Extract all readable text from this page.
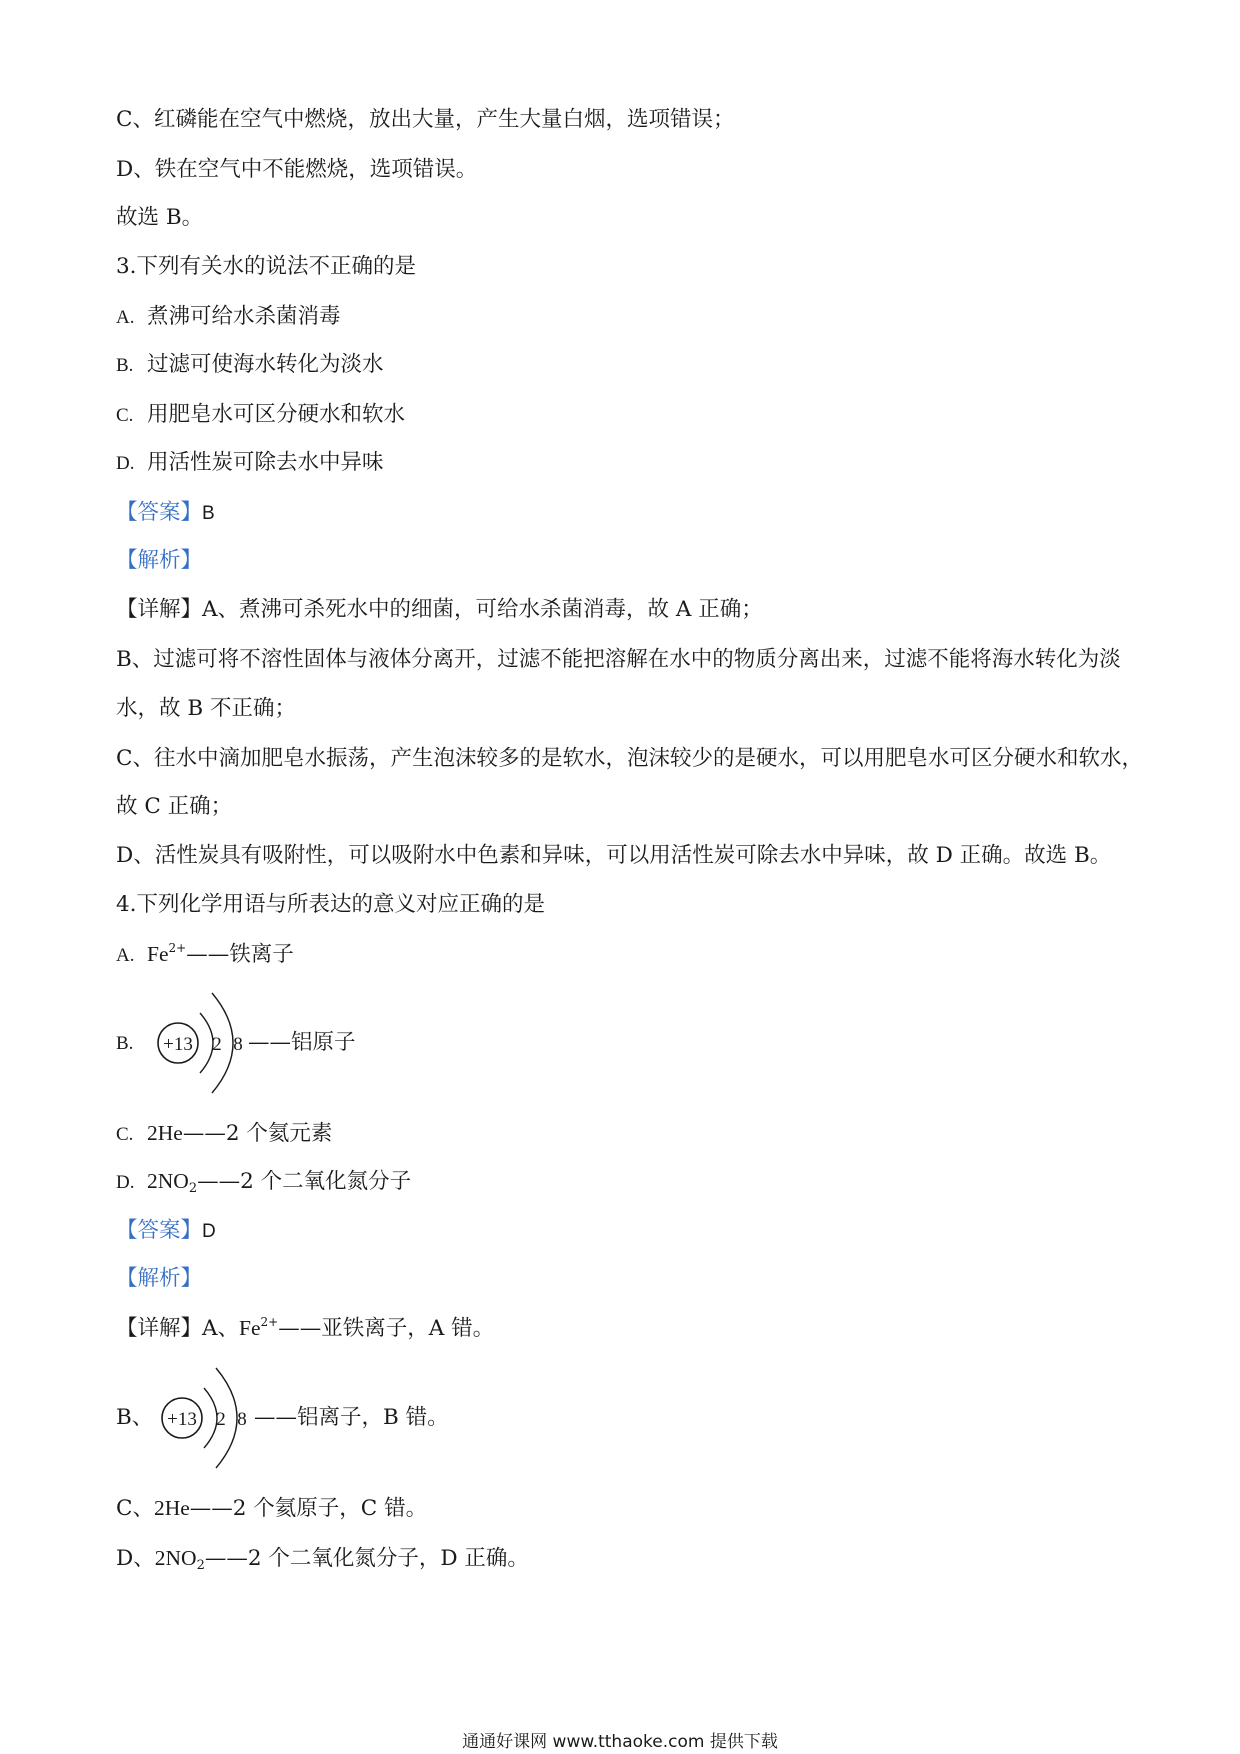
C、红磷能在空气中燃烧，放出大量，产生大量白烟，选项错误；
D、铁在空气中不能燃烧，选项错误。
故选 B。
3.下列有关水的说法不正确的是
A. 煮沸可给水杀菌消毒
B. 过滤可使海水转化为淡水
C. 用肥皂水可区分硬水和软水
D. 用活性炭可除去水中异味
【答案】B
【解析】
【详解】A、煮沸可杀死水中的细菌，可给水杀菌消毒，故 A 正确；
B、过滤可将不溶性固体与液体分离开，过滤不能把溶解在水中的物质分离出来，过滤不能将海水转化为淡
水，故 B 不正确；
C、往水中滴加肥皂水振荡，产生泡沫较多的是软水，泡沫较少的是硬水，可以用肥皂水可区分硬水和软水，
故 C 正确；
D、活性炭具有吸附性，可以吸附水中色素和异味，可以用活性炭可除去水中异味，故 D 正确。故选 B。
4.下列化学用语与所表达的意义对应正确的是
A. $Fe^{2+}——$铁离子
B.	+13 2 8 ——铝原子
C. 2He——2 个氦元素
D. $2NO_2——2$ 个二氧化氮分子
【答案】D
【解析】
【详解】A、$Fe^{2+}——$亚铁离子，A 错。
B、 +13 2 8 ——铝离子，B 错。
C、2He——2 个氦原子，C 错。
D、$2NO_2——2$ 个二氧化氮分子，D 正确。
通通好课网 www.tthaoke.com 提供下载
